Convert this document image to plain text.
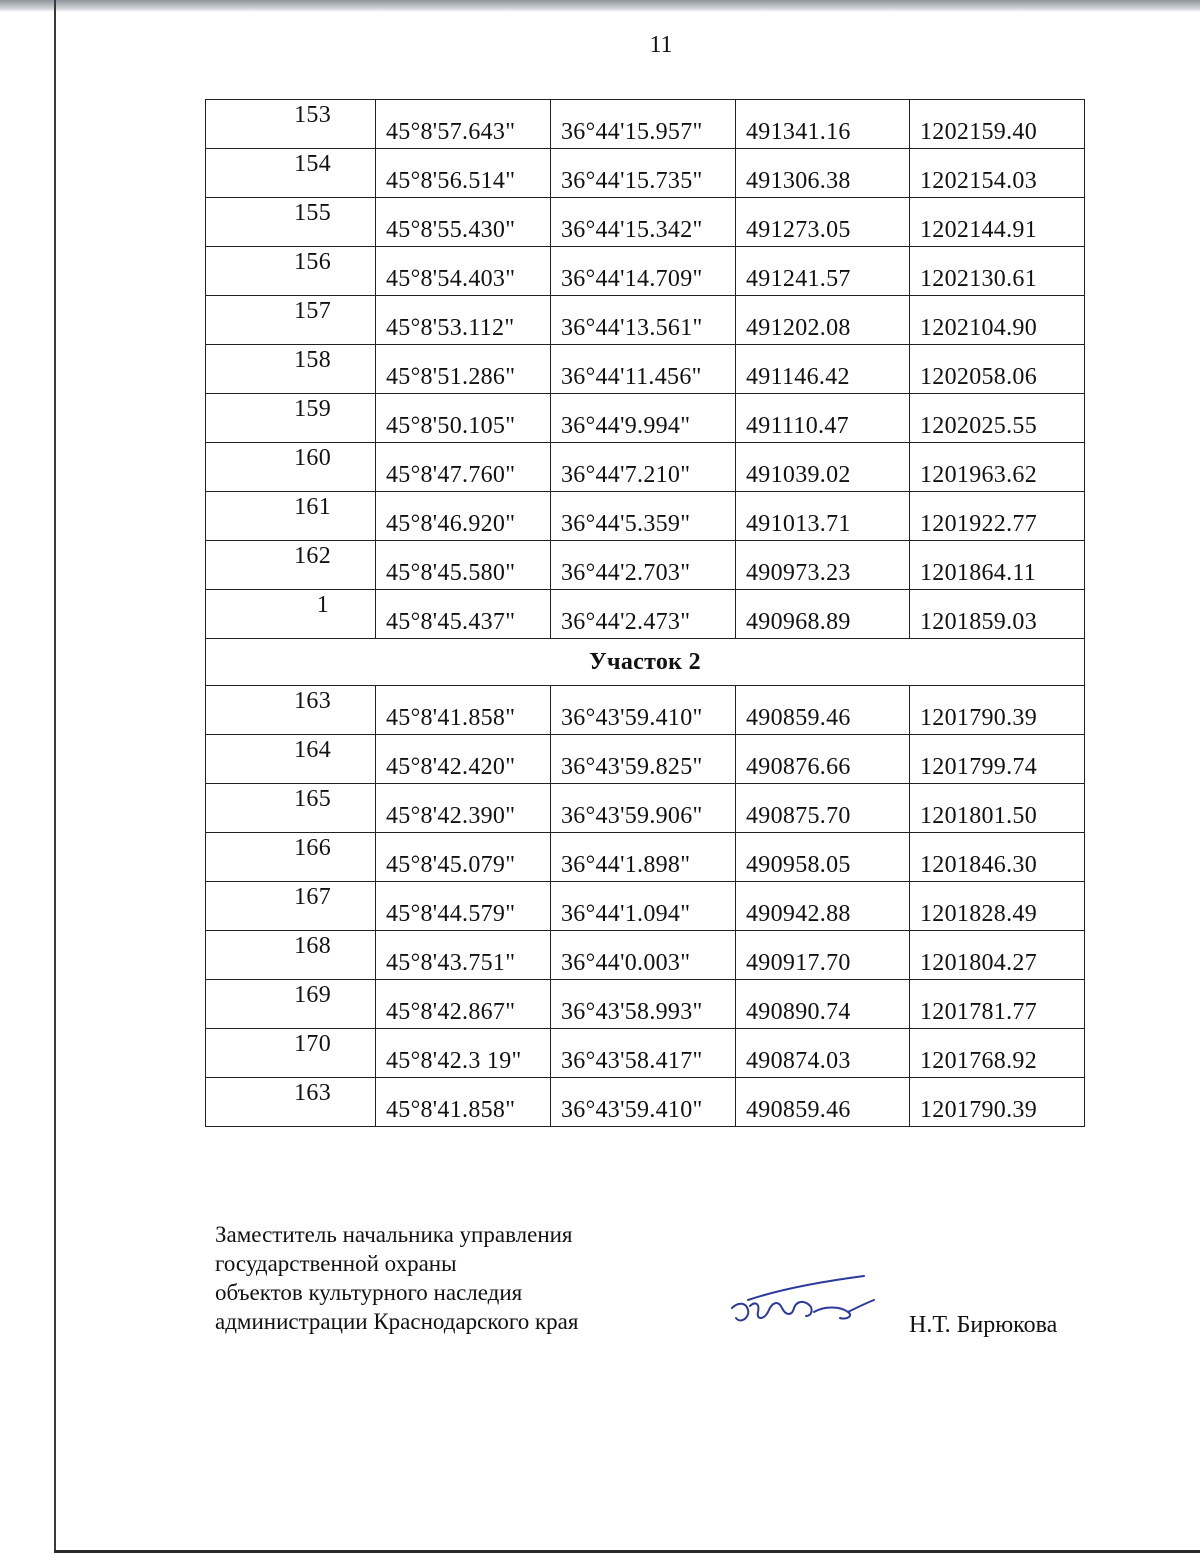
11
153	45°8'57.643"	36°44'15.957"	491341.16	1202159.40
154	45°8'56.514"	36°44'15.735"	491306.38	1202154.03
155	45°8'55.430"	36°44'15.342"	491273.05	1202144.91
156	45°8'54.403"	36°44'14.709"	491241.57	1202130.61
157	45°8'53.112"	36°44'13.561"	491202.08	1202104.90
158	45°8'51.286"	36°44'11.456"	491146.42	1202058.06
159	45°8'50.105"	36°44'9.994"	491110.47	1202025.55
160	45°8'47.760"	36°44'7.210"	491039.02	1201963.62
161	45°8'46.920"	36°44'5.359"	491013.71	1201922.77
162	45°8'45.580"	36°44'2.703"	490973.23	1201864.11
1	45°8'45.437"	36°44'2.473"	490968.89	1201859.03
Участок 2				
163	45°8'41.858"	36°43'59.410"	490859.46	1201790.39
164	45°8'42.420"	36°43'59.825"	490876.66	1201799.74
165	45°8'42.390"	36°43'59.906"	490875.70	1201801.50
166	45°8'45.079"	36°44'1.898"	490958.05	1201846.30
167	45°8'44.579"	36°44'1.094"	490942.88	1201828.49
168	45°8'43.751"	36°44'0.003"	490917.70	1201804.27
169	45°8'42.867"	36°43'58.993"	490890.74	1201781.77
170	45°8'42.3 19"	36°43'58.417"	490874.03	1201768.92
163	45°8'41.858"	36°43'59.410"	490859.46	1201790.39
Заместитель начальника управления
государственной охраны
объектов культурного наследия
администрации Краснодарского края	Н.Т. Бирюкова
